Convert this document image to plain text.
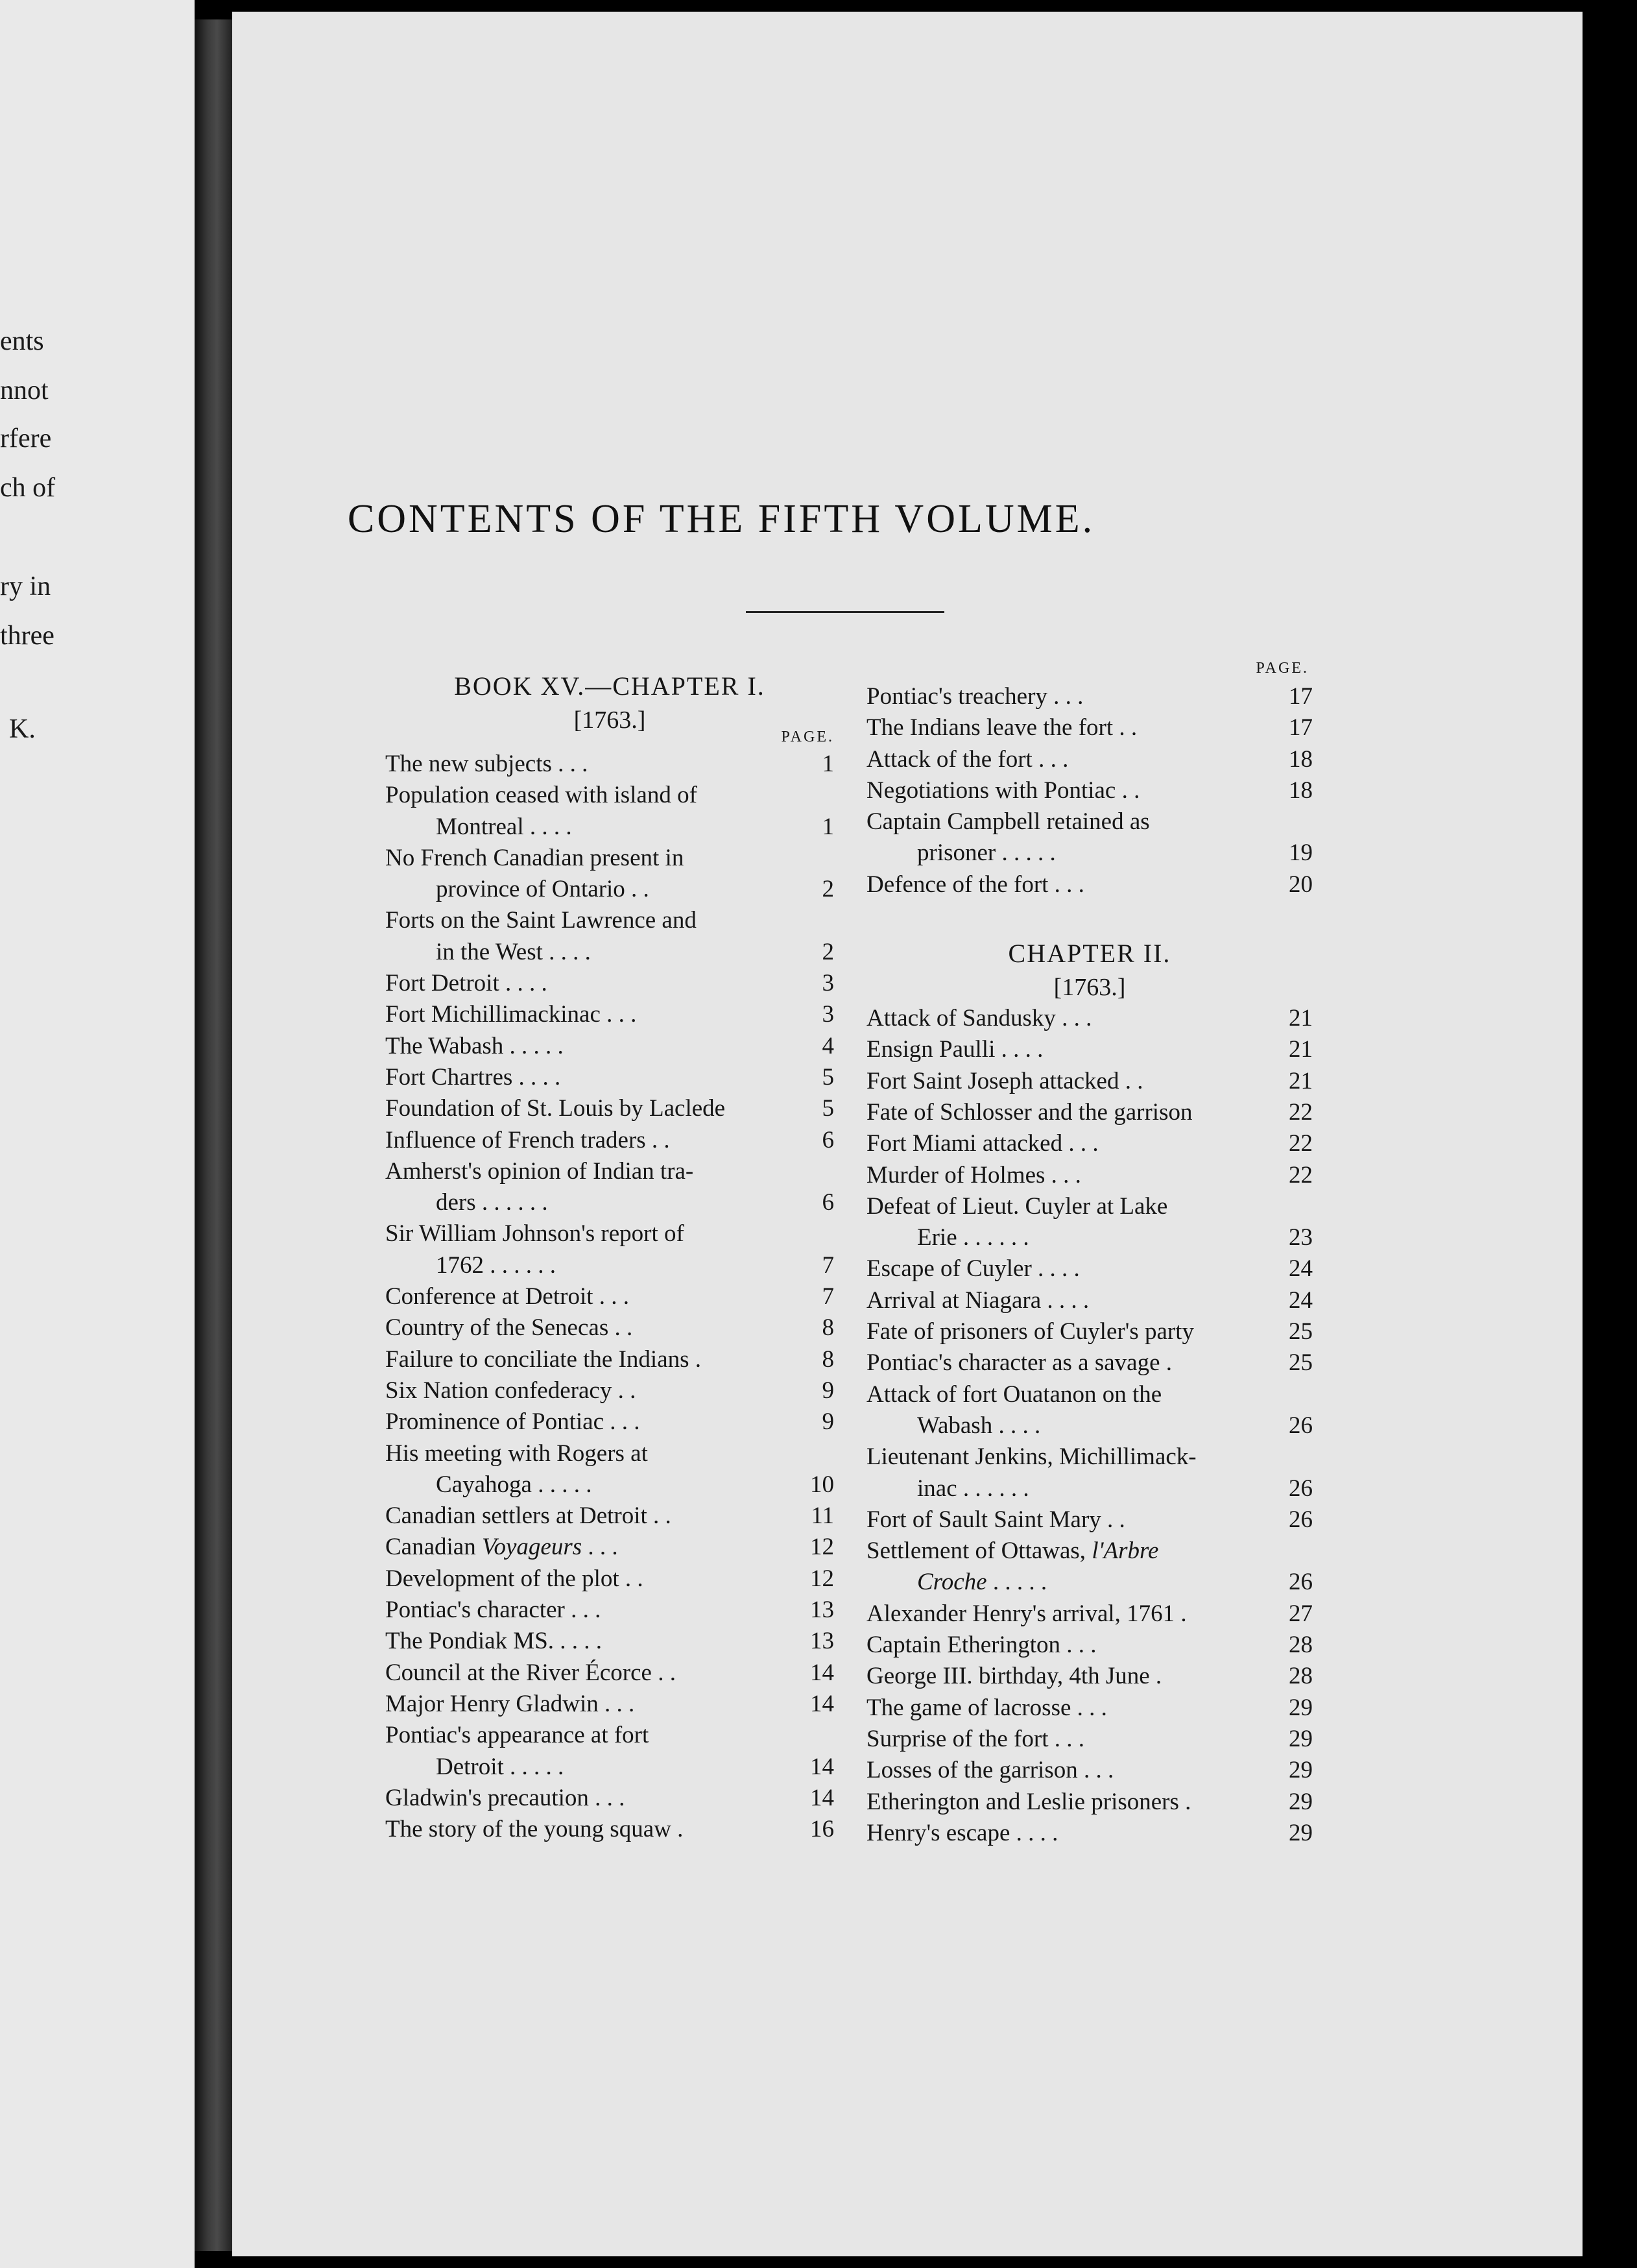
ents
nnot
rfere
ch of
ry in
three
K.
CONTENTS OF THE FIFTH VOLUME.
BOOK XV.—CHAPTER I.
[1763.]
PAGE.
The new subjects . . .	1
Population ceased with island of
Montreal . . . .	1
No French Canadian present in
province of Ontario . .	2
Forts on the Saint Lawrence and
in the West . . . .	2
Fort Detroit . . . .	3
Fort Michillimackinac . . .	3
The Wabash . . . . .	4
Fort Chartres . . . .	5
Foundation of St. Louis by Laclede	5
Influence of French traders . .	6
Amherst's opinion of Indian tra-
ders . . . . . .	6
Sir William Johnson's report of
1762 . . . . . .	7
Conference at Detroit . . .	7
Country of the Senecas . .	8
Failure to conciliate the Indians .	8
Six Nation confederacy . .	9
Prominence of Pontiac . . .	9
His meeting with Rogers at
Cayahoga . . . . .	10
Canadian settlers at Detroit . .	11
Canadian Voyageurs . . .	12
Development of the plot . .	12
Pontiac's character . . .	13
The Pondiak MS. . . . .	13
Council at the River Écorce . .	14
Major Henry Gladwin . . .	14
Pontiac's appearance at fort
Detroit . . . . .	14
Gladwin's precaution . . .	14
The story of the young squaw .	16
PAGE.
Pontiac's treachery . . .	17
The Indians leave the fort . .	17
Attack of the fort . . .	18
Negotiations with Pontiac . .	18
Captain Campbell retained as
prisoner . . . . .	19
Defence of the fort . . .	20
CHAPTER II.
[1763.]
Attack of Sandusky . . .	21
Ensign Paulli . . . .	21
Fort Saint Joseph attacked . .	21
Fate of Schlosser and the garrison	22
Fort Miami attacked . . .	22
Murder of Holmes . . .	22
Defeat of Lieut. Cuyler at Lake
Erie . . . . . .	23
Escape of Cuyler . . . .	24
Arrival at Niagara . . . .	24
Fate of prisoners of Cuyler's party	25
Pontiac's character as a savage .	25
Attack of fort Ouatanon on the
Wabash . . . .	26
Lieutenant Jenkins, Michillimack-
inac . . . . . .	26
Fort of Sault Saint Mary . .	26
Settlement of Ottawas, l'Arbre
Croche . . . . .	26
Alexander Henry's arrival, 1761 .	27
Captain Etherington . . .	28
George III. birthday, 4th June .	28
The game of lacrosse . . .	29
Surprise of the fort . . .	29
Losses of the garrison . . .	29
Etherington and Leslie prisoners .	29
Henry's escape . . . .	29
